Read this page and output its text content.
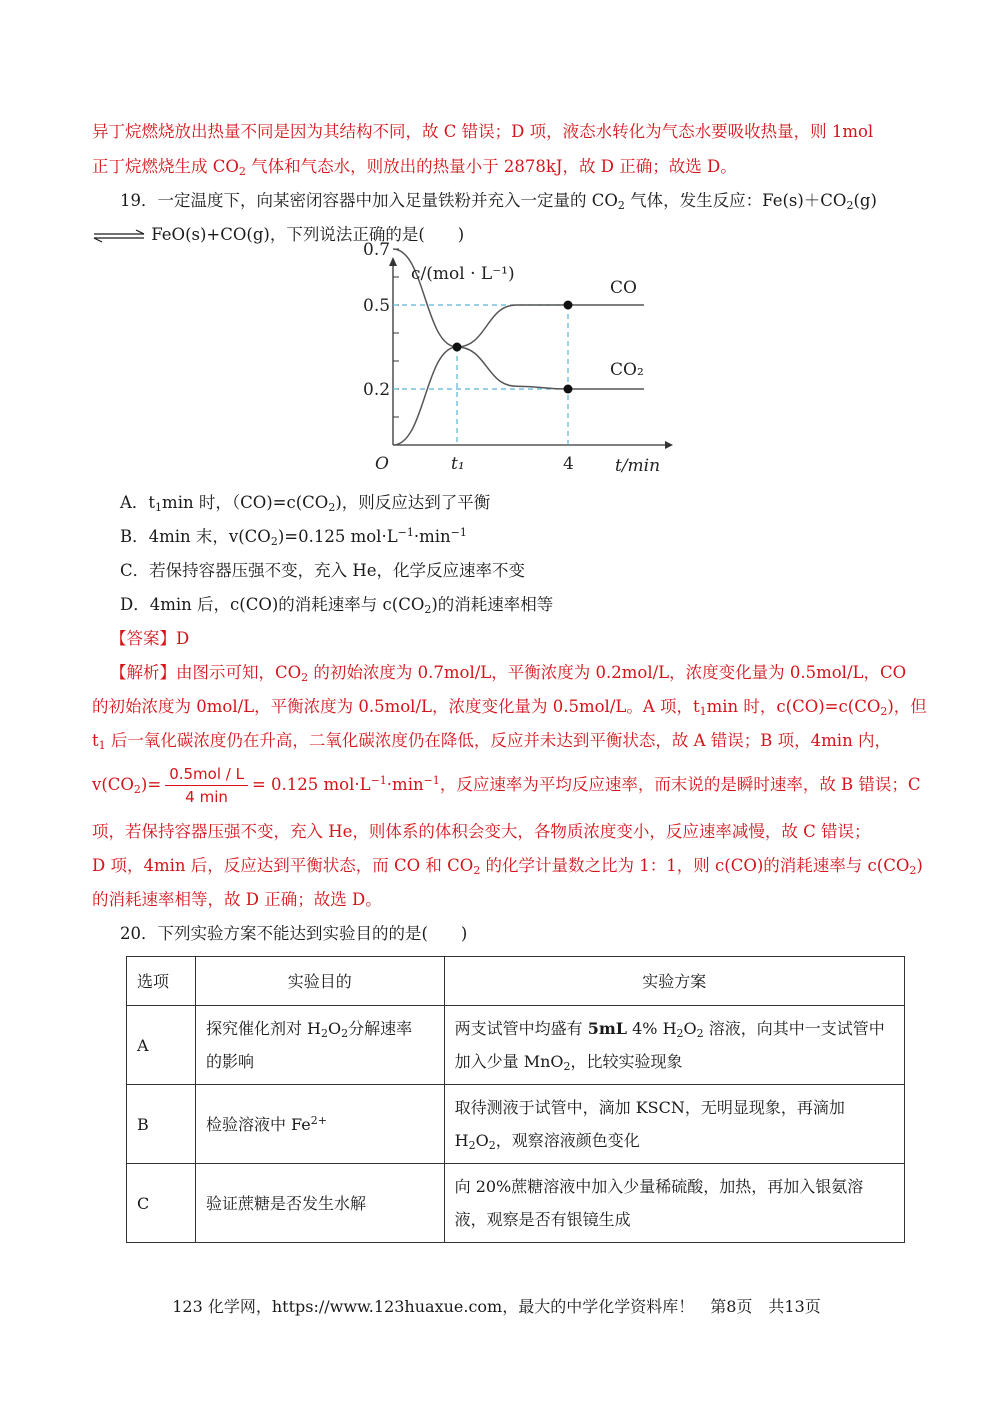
异丁烷燃烧放出热量不同是因为其结构不同，故 C 错误；D 项，液态水转化为气态水要吸收热量，则 1mol
正丁烷燃烧生成 $CO_2$ 气体和气态水，则放出的热量小于 2878kJ，故 D 正确；故选 D。
19．一定温度下，向某密闭容器中加入足量铁粉并充入一定量的 $CO_2$ 气体，发生反应：$Fe(s)+CO_2(g)$
⇌ FeO(s)+CO(g)，下列说法正确的是(　　)
c/(mol · L⁻¹)
0.7
0.5
0.2
O	t₁	4 t/min
CO
CO₂
A．$t_1\min$ 时，$(CO)=c(CO_2)$，则反应达到了平衡
B．4min 末，$v(CO_2)=0.125$ $mol\cdot L^{-1}\cdot\min^{-1}$
C．若保持容器压强不变，充入 He，化学反应速率不变
D．4min 后，c(CO)的消耗速率与 $c(CO_2)$的消耗速率相等
【答案】D
【解析】由图示可知，$CO_2$ 的初始浓度为 0.7mol/L，平衡浓度为 0.2mol/L，浓度变化量为 0.5mol/L，CO
的初始浓度为 0mol/L，平衡浓度为 0.5mol/L，浓度变化量为 0.5mol/L。A 项，$t_1\min$ 时，$c(CO)=c(CO_2)$，但
$t_1$ 后一氧化碳浓度仍在升高，二氧化碳浓度仍在降低，反应并未达到平衡状态，故 A 错误；B 项，4min 内，
$v(CO_2)= \frac{\text{0.5mol / L}}{4 \min} = 0.125$ $mol\cdot L^{-1}\cdot\min^{-1}$，反应速率为平均反应速率，而末说的是瞬时速率，故 B 错误；C
项，若保持容器压强不变，充入 He，则体系的体积会变大，各物质浓度变小，反应速率减慢，故 C 错误；
D 项，4min 后，反应达到平衡状态，而 CO 和 $CO_2$ 的化学计量数之比为 1：1，则 c(CO)的消耗速率与 $c(CO_2)$
的消耗速率相等，故 D 正确；故选 D。
20．下列实验方案不能达到实验目的的是(　　)
选项	实验目的	实验方案
A	探究催化剂对 $H_2O_2$分解速率
的影响	两支试管中均盛有 5mL 4% $H_2O_2$ 溶液，向其中一支试管中
加入少量 MnO$_2$，比较实验现象
B	检验溶液中 $Fe^{2+}$	取待测液于试管中，滴加 KSCN，无明显现象，再滴加
$H_2O_2$，观察溶液颜色变化
C	验证蔗糖是否发生水解	向 20%蔗糖溶液中加入少量稀硫酸，加热，再加入银氨溶
液，观察是否有银镜生成
123 化学网，https://www.123huaxue.com，最大的中学化学资料库！　第8页　共13页
